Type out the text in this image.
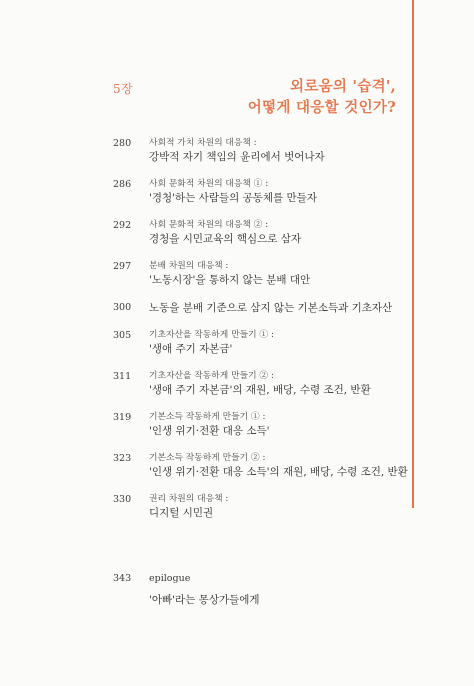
5장	외로움의 '습격',
어떻게 대응할 것인가?
280	사회적 가치 차원의 대응책 :
강박적 자기 책임의 윤리에서 벗어나자
286	사회 문화적 차원의 대응책 ① :
'경청'하는 사람들의 공동체를 만들자
292	사회 문화적 차원의 대응책 ② :
경청을 시민교육의 핵심으로 삼자
297	분배 차원의 대응책 :
'노동시장'을 통하지 않는 분배 대안
300	노동을 분배 기준으로 삼지 않는 기본소득과 기초자산
305	기초자산을 작동하게 만들기 ① :
'생애 주기 자본금'
311	기초자산을 작동하게 만들기 ② :
'생애 주기 자본금'의 재원, 배당, 수령 조건, 반환
319	기본소득 작동하게 만들기 ① :
'인생 위기·전환 대응 소득'
323	기본소득 작동하게 만들기 ② :
'인생 위기·전환 대응 소득'의 재원, 배당, 수령 조건, 반환
330	권리 차원의 대응책 :
디지털 시민권
343	epilogue
'아빠'라는 몽상가들에게
